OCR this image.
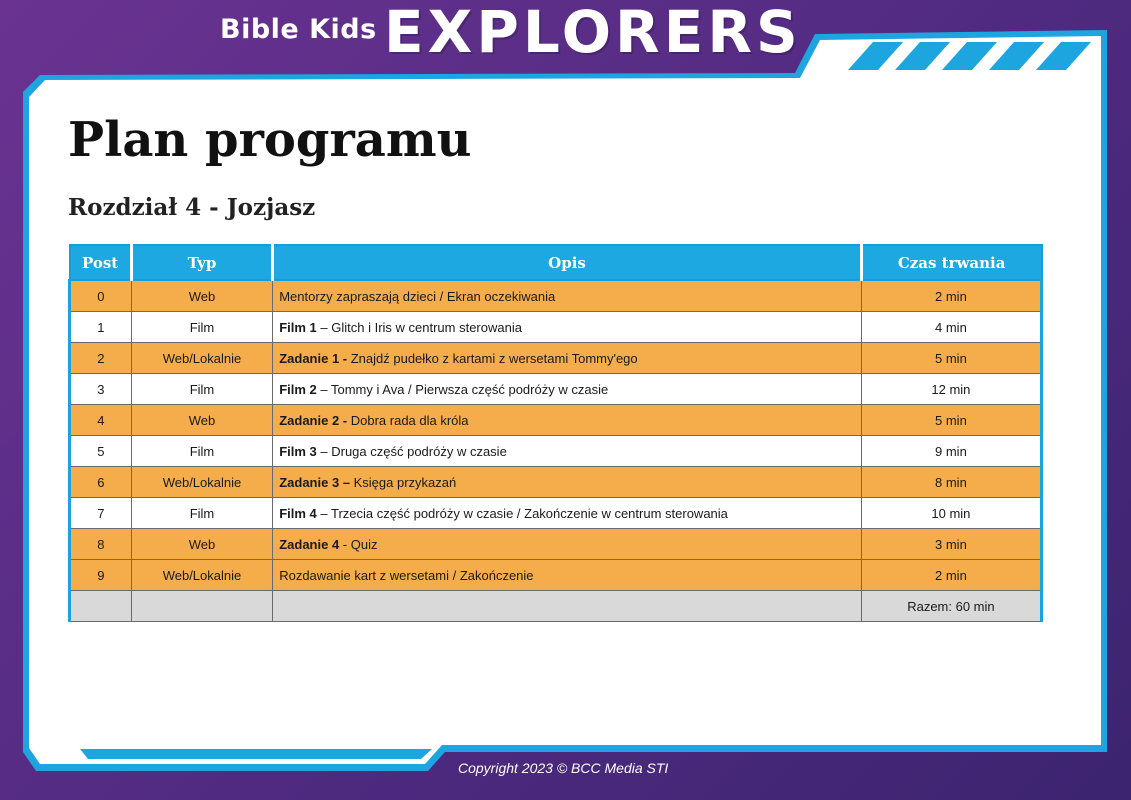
Bible Kids EXPLORERS
Plan programu
Rozdział 4 - Jozjasz
Post	Typ	Opis	Czas trwania
0	Web	Mentorzy zapraszają dzieci / Ekran oczekiwania	2 min
1	Film	Film 1 – Glitch i Iris w centrum sterowania	4 min
2	Web/Lokalnie	Zadanie 1 - Znajdź pudełko z kartami z wersetami Tommy'ego	5 min
3	Film	Film 2 – Tommy i Ava / Pierwsza część podróży w czasie	12 min
4	Web	Zadanie 2 - Dobra rada dla króla	5 min
5	Film	Film 3 – Druga część podróży w czasie	9 min
6	Web/Lokalnie	Zadanie 3 – Księga przykazań	8 min
7	Film	Film 4 – Trzecia część podróży w czasie / Zakończenie w centrum sterowania	10 min
8	Web	Zadanie 4 - Quiz	3 min
9	Web/Lokalnie	Rozdawanie kart z wersetami / Zakończenie	2 min
			Razem: 60 min
Copyright 2023 © BCC Media STI
